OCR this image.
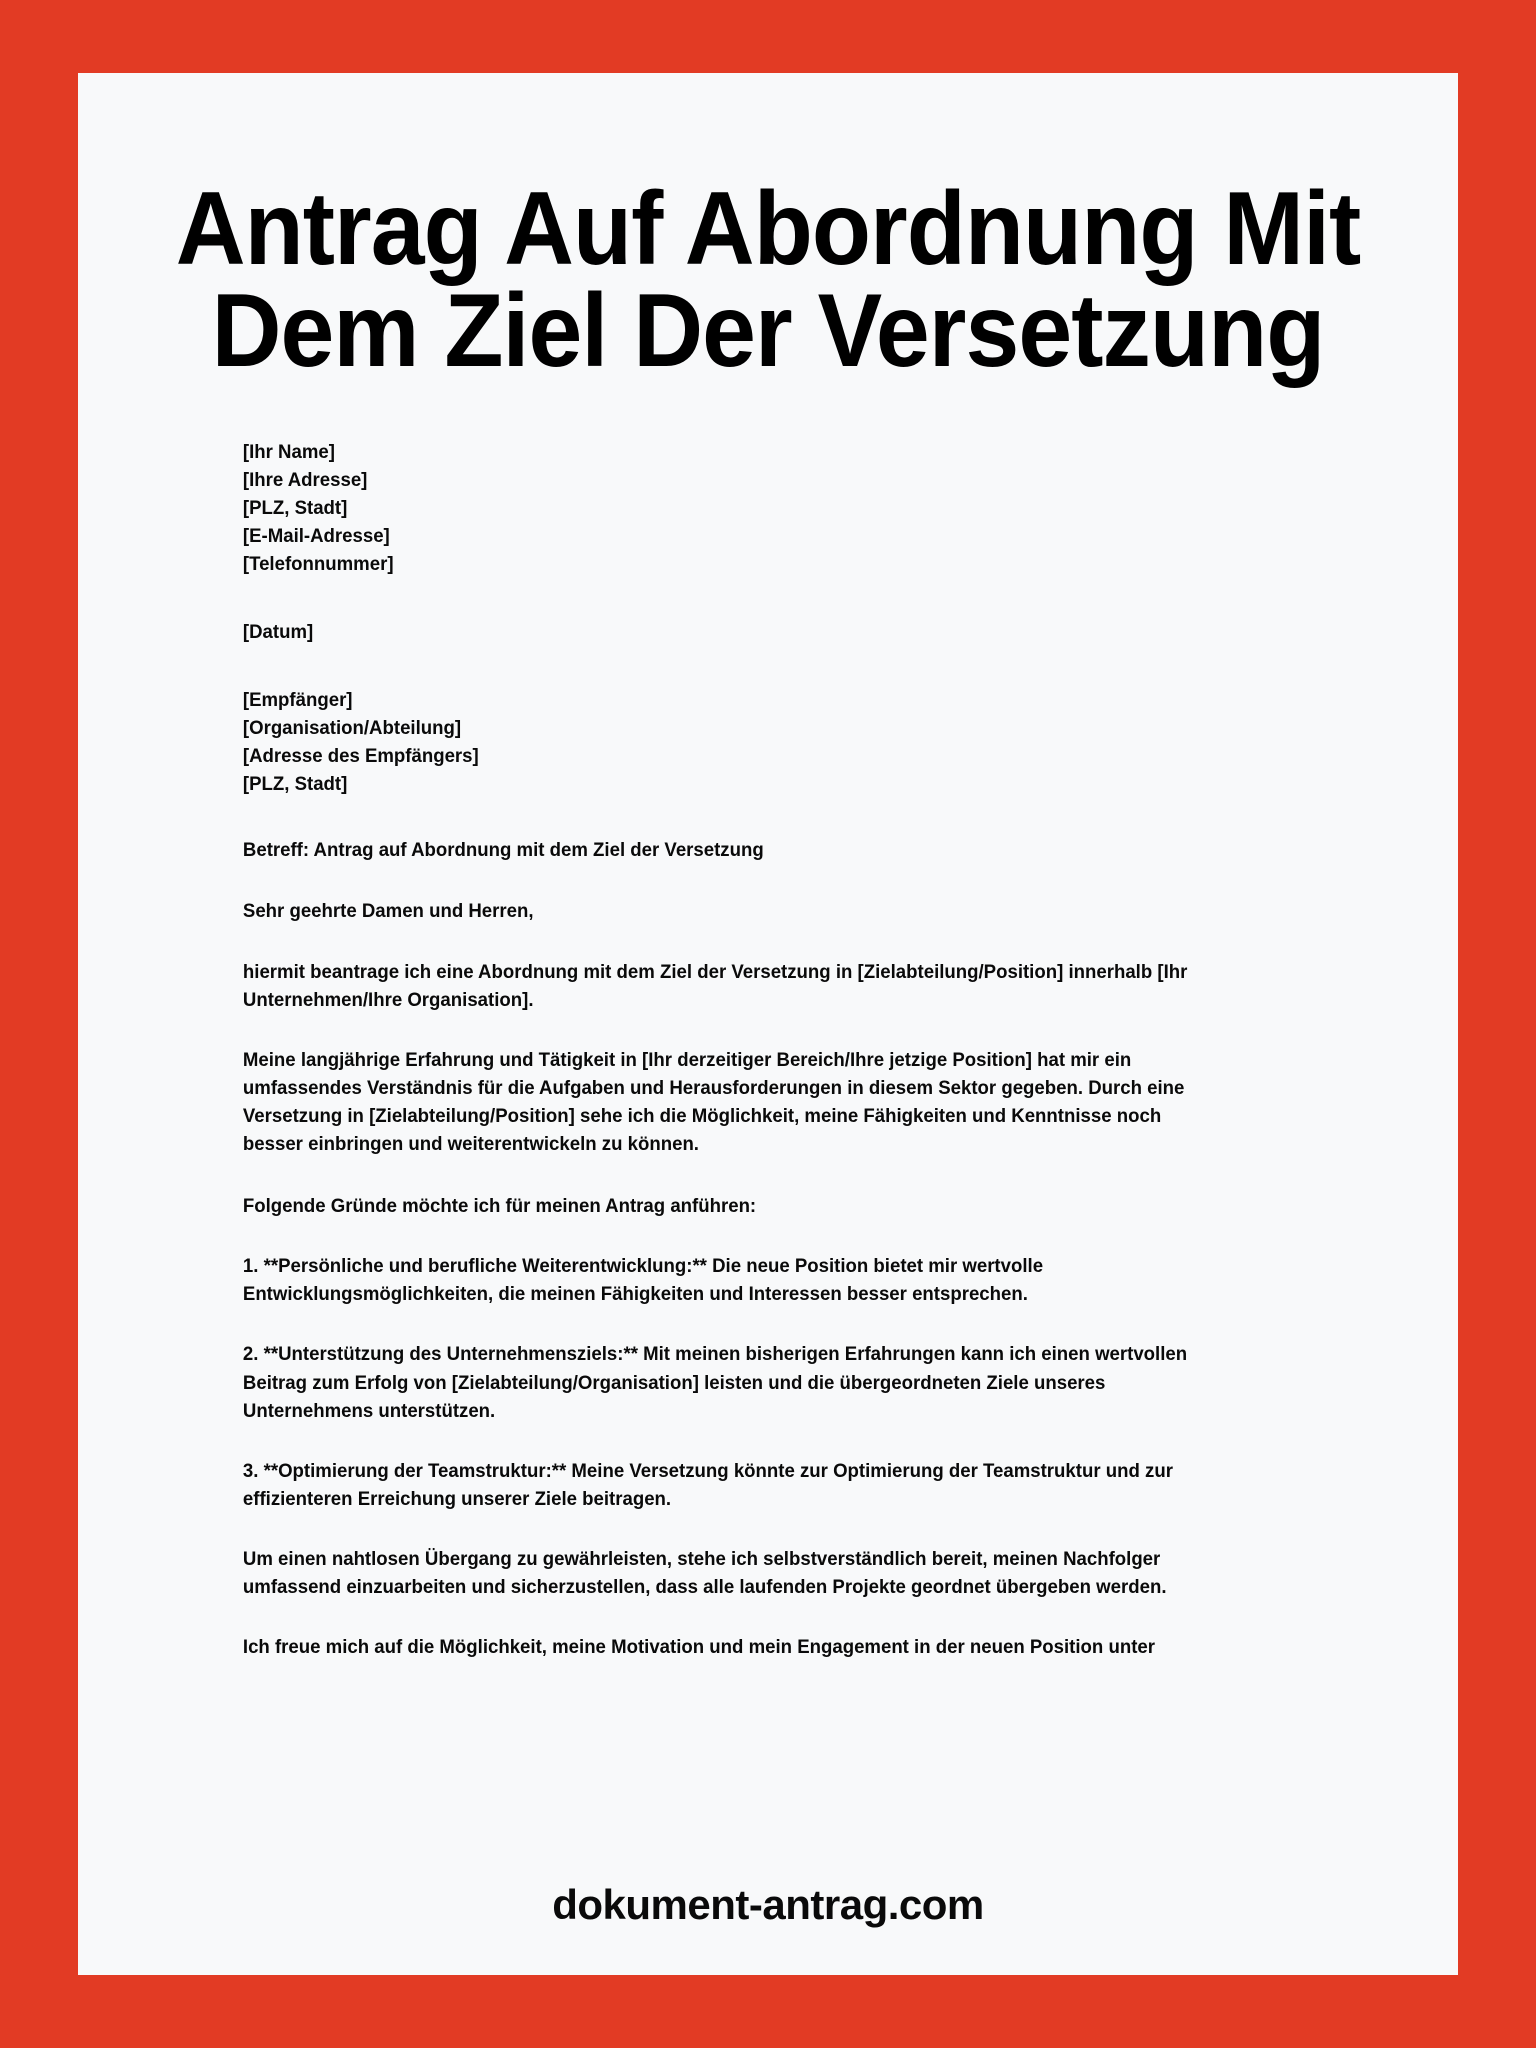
Antrag Auf Abordnung Mit Dem Ziel Der Versetzung
[Ihr Name]
[Ihre Adresse]
[PLZ, Stadt]
[E-Mail-Adresse]
[Telefonnummer]
[Datum]
[Empfänger]
[Organisation/Abteilung]
[Adresse des Empfängers]
[PLZ, Stadt]
Betreff: Antrag auf Abordnung mit dem Ziel der Versetzung
Sehr geehrte Damen und Herren,

hiermit beantrage ich eine Abordnung mit dem Ziel der Versetzung in [Zielabteilung/Position] innerhalb [Ihr Unternehmen/Ihre Organisation].

Meine langjährige Erfahrung und Tätigkeit in [Ihr derzeitiger Bereich/Ihre jetzige Position] hat mir ein umfassendes Verständnis für die Aufgaben und Herausforderungen in diesem Sektor gegeben. Durch eine Versetzung in [Zielabteilung/Position] sehe ich die Möglichkeit, meine Fähigkeiten und Kenntnisse noch besser einbringen und weiterentwickeln zu können.

Folgende Gründe möchte ich für meinen Antrag anführen:

1. **Persönliche und berufliche Weiterentwicklung:** Die neue Position bietet mir wertvolle Entwicklungsmöglichkeiten, die meinen Fähigkeiten und Interessen besser entsprechen.

2. **Unterstützung des Unternehmensziels:** Mit meinen bisherigen Erfahrungen kann ich einen wertvollen Beitrag zum Erfolg von [Zielabteilung/Organisation] leisten und die übergeordneten Ziele unseres Unternehmens unterstützen.

3. **Optimierung der Teamstruktur:** Meine Versetzung könnte zur Optimierung der Teamstruktur und zur effizienteren Erreichung unserer Ziele beitragen.

Um einen nahtlosen Übergang zu gewährleisten, stehe ich selbstverständlich bereit, meinen Nachfolger umfassend einzuarbeiten und sicherzustellen, dass alle laufenden Projekte geordnet übergeben werden.

Ich freue mich auf die Möglichkeit, meine Motivation und mein Engagement in der neuen Position unter

dokument-antrag.com
